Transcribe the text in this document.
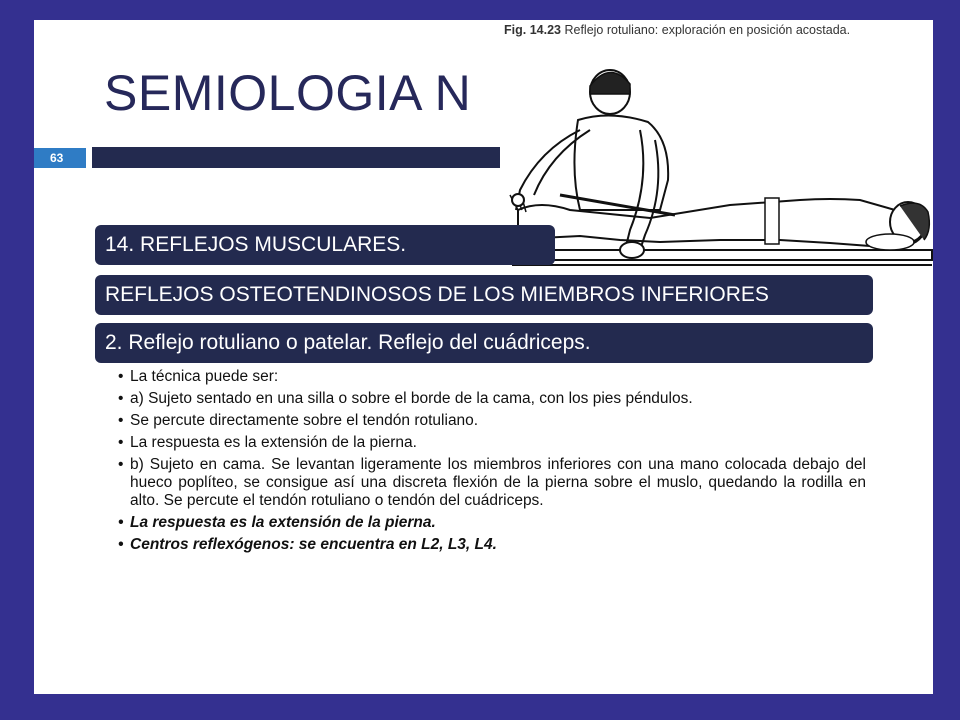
SEMIOLOGIA N
63
Fig. 14.23 Reflejo rotuliano: exploración en posición acostada.
14. REFLEJOS MUSCULARES.
REFLEJOS OSTEOTENDINOSOS DE LOS MIEMBROS INFERIORES
2. Reflejo rotuliano o patelar. Reflejo del cuádriceps.
• La técnica puede ser:
• a) Sujeto sentado en una silla o sobre el borde de la cama, con los pies péndulos.
• Se percute directamente sobre el tendón rotuliano.
• La respuesta es la extensión de la pierna.
• b) Sujeto en cama. Se levantan ligeramente los miembros inferiores con una mano colocada debajo del hueco poplíteo, se consigue así una discreta flexión de la pierna sobre el muslo, quedando la rodilla en alto. Se percute el tendón rotuliano o tendón del cuádriceps.
• La respuesta es la extensión de la pierna.
• Centros reflexógenos: se encuentra en L2, L3, L4.
